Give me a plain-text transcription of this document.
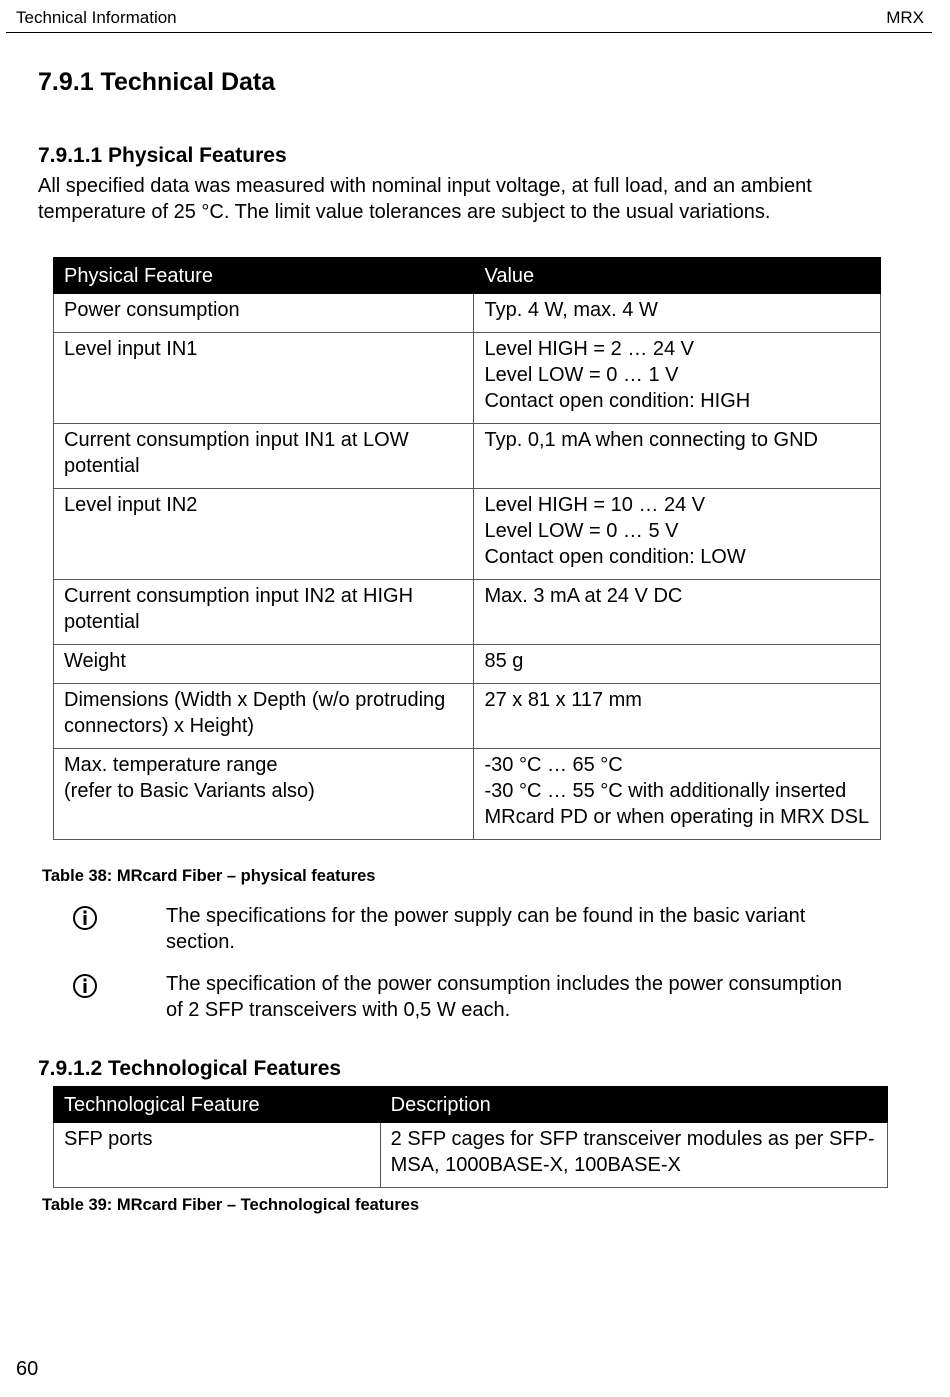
Technical Information	MRX
7.9.1 Technical Data
7.9.1.1 Physical Features
All specified data was measured with nominal input voltage, at full load, and an ambient temperature of 25 °C. The limit value tolerances are subject to the usual variations.
Physical Feature	Value

Power consumption	Typ. 4 W, max. 4 W

Level input IN1	Level HIGH = 2 … 24 V
Level LOW = 0 … 1 V
Contact open condition: HIGH

Current consumption input IN1 at LOW potential	Typ. 0,1 mA when connecting to GND

Level input IN2	Level HIGH = 10 … 24 V
Level LOW = 0 … 5 V
Contact open condition: LOW

Current consumption input IN2 at HIGH potential	Max. 3 mA at 24 V DC

Weight	85 g

Dimensions (Width x Depth (w/o protruding connectors) x Height)	27 x 81 x 117 mm

Max. temperature range
(refer to Basic Variants also)	-30 °C … 65 °C
-30 °C … 55 °C with additionally inserted MRcard PD or when operating in MRX DSL
Table 38: MRcard Fiber – physical features
The specifications for the power supply can be found in the basic variant section.
The specification of the power consumption includes the power consumption of 2 SFP transceivers with 0,5 W each.
7.9.1.2 Technological Features
Technological Feature	Description

SFP ports	2 SFP cages for SFP transceiver modules as per SFP-MSA, 1000BASE-X, 100BASE-X
Table 39: MRcard Fiber – Technological features
60
